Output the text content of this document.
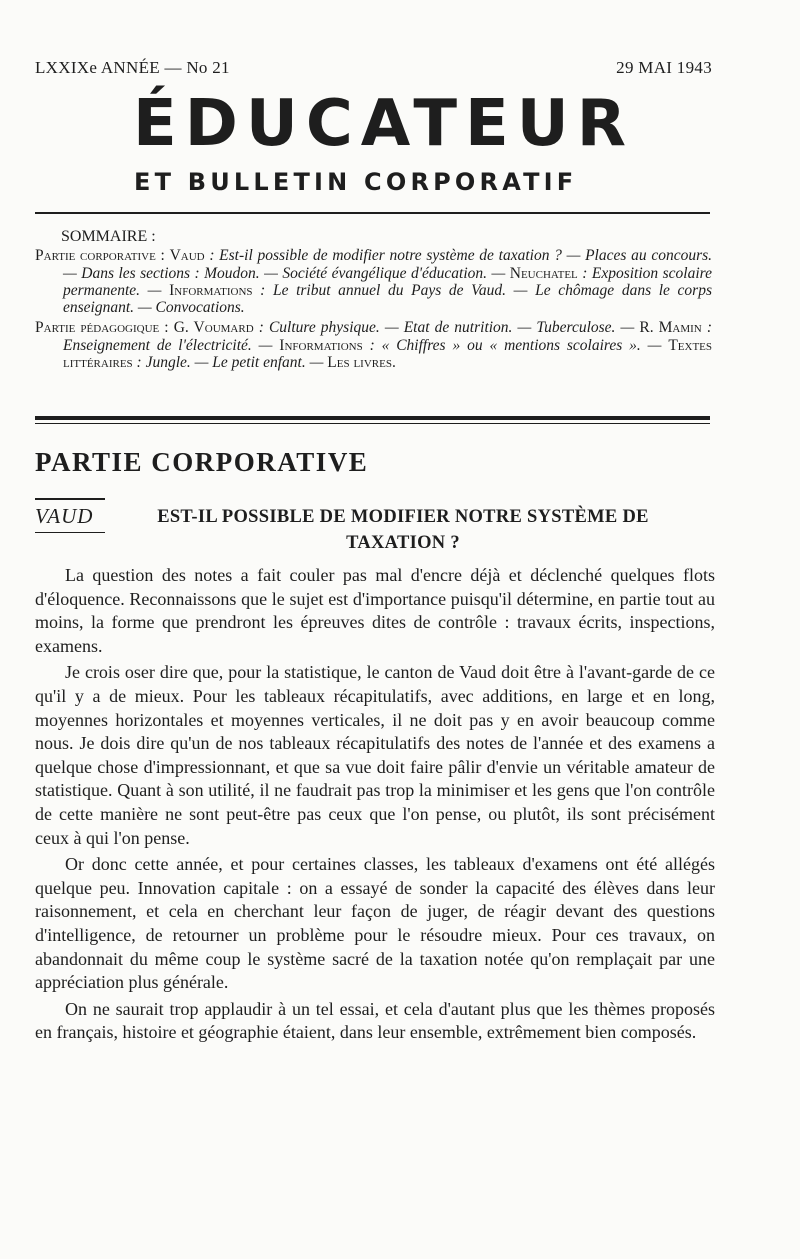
LXXIXe ANNÉE — No 21	29 MAI 1943
ÉDUCATEUR
ET BULLETIN CORPORATIF
SOMMAIRE :

Partie corporative : Vaud : Est-il possible de modifier notre système de taxation ? — Places au concours. — Dans les sections : Moudon. — Société évangélique d'éducation. — Neuchatel : Exposition scolaire permanente. — Informations : Le tribut annuel du Pays de Vaud. — Le chômage dans le corps enseignant. — Convocations.

Partie pédagogique : G. Voumard : Culture physique. — Etat de nutrition. — Tuberculose. — R. Mamin : Enseignement de l'électricité. — Informations : « Chiffres » ou « mentions scolaires ». — Textes littéraires : Jungle. — Le petit enfant. — Les livres.

PARTIE CORPORATIVE
VAUD	EST-IL POSSIBLE DE MODIFIER NOTRE SYSTÈME DE TAXATION ?

La question des notes a fait couler pas mal d'encre déjà et déclenché quelques flots d'éloquence. Reconnaissons que le sujet est d'importance puisqu'il détermine, en partie tout au moins, la forme que prendront les épreuves dites de contrôle : travaux écrits, inspections, examens.

Je crois oser dire que, pour la statistique, le canton de Vaud doit être à l'avant-garde de ce qu'il y a de mieux. Pour les tableaux récapitulatifs, avec additions, en large et en long, moyennes horizontales et moyennes verticales, il ne doit pas y en avoir beaucoup comme nous. Je dois dire qu'un de nos tableaux récapitulatifs des notes de l'année et des examens a quelque chose d'impressionnant, et que sa vue doit faire pâlir d'envie un véritable amateur de statistique. Quant à son utilité, il ne faudrait pas trop la minimiser et les gens que l'on contrôle de cette manière ne sont peut-être pas ceux que l'on pense, ou plutôt, ils sont précisément ceux à qui l'on pense.

Or donc cette année, et pour certaines classes, les tableaux d'examens ont été allégés quelque peu. Innovation capitale : on a essayé de sonder la capacité des élèves dans leur raisonnement, et cela en cherchant leur façon de juger, de réagir devant des questions d'intelligence, de retourner un problème pour le résoudre mieux. Pour ces travaux, on abandonnait du même coup le système sacré de la taxation notée qu'on remplaçait par une appréciation plus générale.

On ne saurait trop applaudir à un tel essai, et cela d'autant plus que les thèmes proposés en français, histoire et géographie étaient, dans leur ensemble, extrêmement bien composés.
